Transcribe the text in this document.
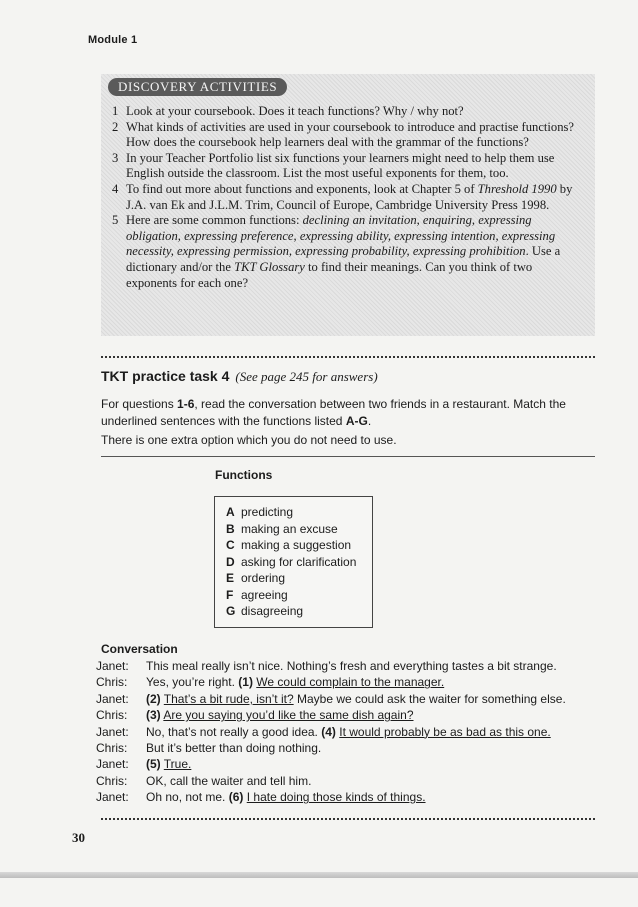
Module 1
DISCOVERY ACTIVITIES
1 Look at your coursebook. Does it teach functions? Why / why not?
2 What kinds of activities are used in your coursebook to introduce and practise functions? How does the coursebook help learners deal with the grammar of the functions?
3 In your Teacher Portfolio list six functions your learners might need to help them use English outside the classroom. List the most useful exponents for them, too.
4 To find out more about functions and exponents, look at Chapter 5 of Threshold 1990 by J.A. van Ek and J.L.M. Trim, Council of Europe, Cambridge University Press 1998.
5 Here are some common functions: declining an invitation, enquiring, expressing obligation, expressing preference, expressing ability, expressing intention, expressing necessity, expressing permission, expressing probability, expressing prohibition. Use a dictionary and/or the TKT Glossary to find their meanings. Can you think of two exponents for each one?
TKT practice task 4 (See page 245 for answers)
For questions 1-6, read the conversation between two friends in a restaurant. Match the underlined sentences with the functions listed A-G.
There is one extra option which you do not need to use.
Functions
A predicting
B making an excuse
C making a suggestion
D asking for clarification
E ordering
F agreeing
G disagreeing
Conversation
Janet: This meal really isn’t nice. Nothing’s fresh and everything tastes a bit strange.
Chris: Yes, you’re right. (1) We could complain to the manager.
Janet: (2) That’s a bit rude, isn’t it? Maybe we could ask the waiter for something else.
Chris: (3) Are you saying you’d like the same dish again?
Janet: No, that’s not really a good idea. (4) It would probably be as bad as this one.
Chris: But it’s better than doing nothing.
Janet: (5) True.
Chris: OK, call the waiter and tell him.
Janet: Oh no, not me. (6) I hate doing those kinds of things.
30
